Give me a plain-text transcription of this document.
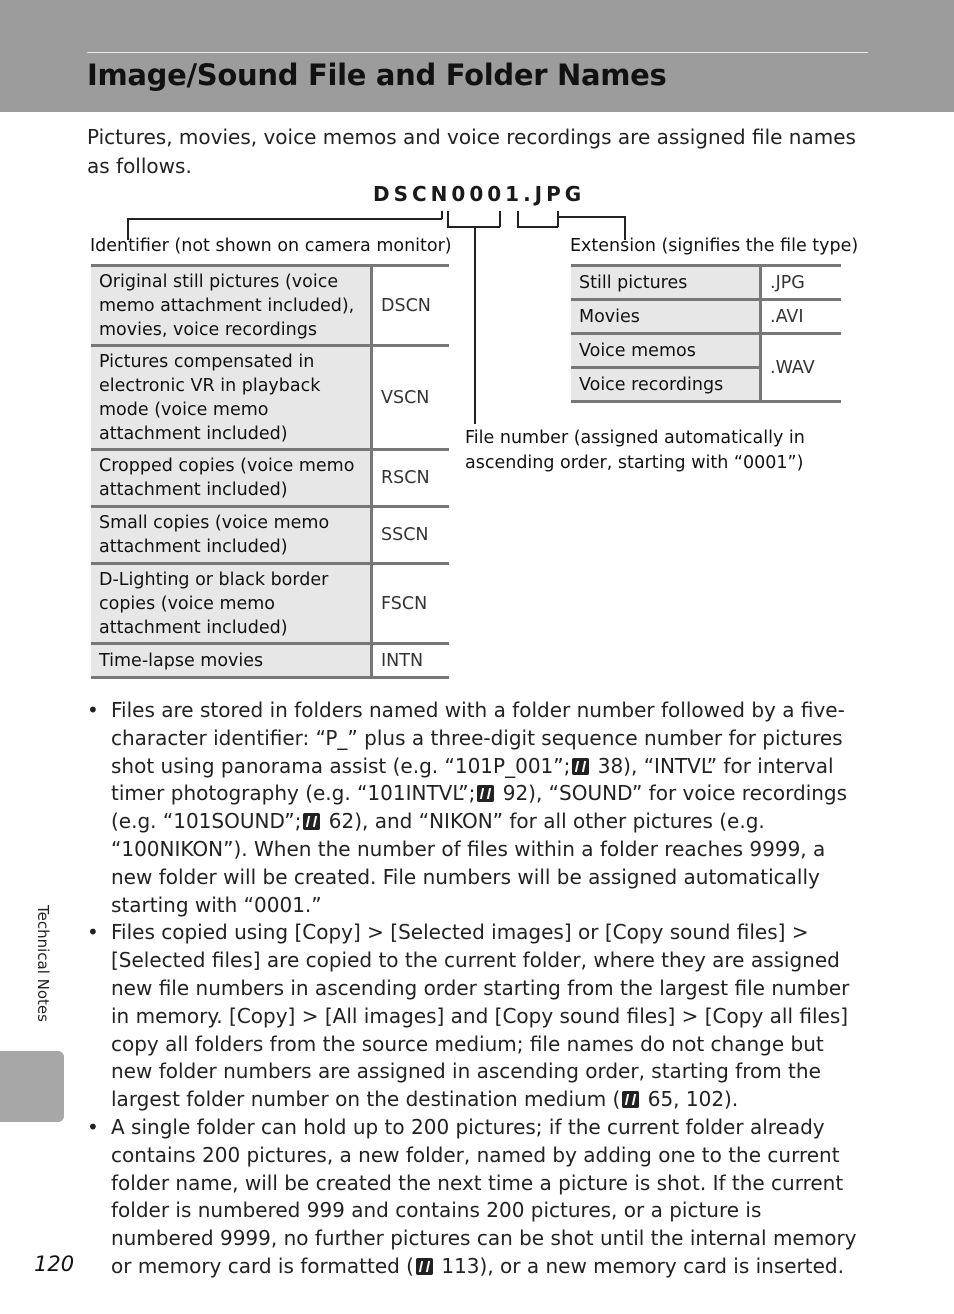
Image/Sound File and Folder Names

Pictures, movies, voice memos and voice recordings are assigned file names as follows.

DSCN0001.JPG
Identifier (not shown on camera monitor)	Extension (signifies the file type)
Original still pictures (voice memo attachment included), movies, voice recordings	DSCN
Pictures compensated in electronic VR in playback mode (voice memo attachment included)	VSCN
Cropped copies (voice memo attachment included)	RSCN
Small copies (voice memo attachment included)	SSCN
D-Lighting or black border copies (voice memo attachment included)	FSCN
Time-lapse movies	INTN
Still pictures	.JPG
Movies	.AVI
Voice memos	.WAV
Voice recordings	

File number (assigned automatically in ascending order, starting with “0001”)

• Files are stored in folders named with a folder number followed by a five-character identifier: “P_” plus a three-digit sequence number for pictures shot using panorama assist (e.g. “101P_001”; 38), “INTVL” for interval timer photography (e.g. “101INTVL”; 92), “SOUND” for voice recordings (e.g. “101SOUND”; 62), and “NIKON” for all other pictures (e.g. “100NIKON”). When the number of files within a folder reaches 9999, a new folder will be created. File numbers will be assigned automatically starting with “0001.”
• Files copied using [Copy] > [Selected images] or [Copy sound files] > [Selected files] are copied to the current folder, where they are assigned new file numbers in ascending order starting from the largest file number in memory. [Copy] > [All images] and [Copy sound files] > [Copy all files] copy all folders from the source medium; file names do not change but new folder numbers are assigned in ascending order, starting from the largest folder number on the destination medium ( 65, 102).
• A single folder can hold up to 200 pictures; if the current folder already contains 200 pictures, a new folder, named by adding one to the current folder name, will be created the next time a picture is shot. If the current folder is numbered 999 and contains 200 pictures, or a picture is numbered 9999, no further pictures can be shot until the internal memory or memory card is formatted ( 113), or a new memory card is inserted.
Technical Notes
120
